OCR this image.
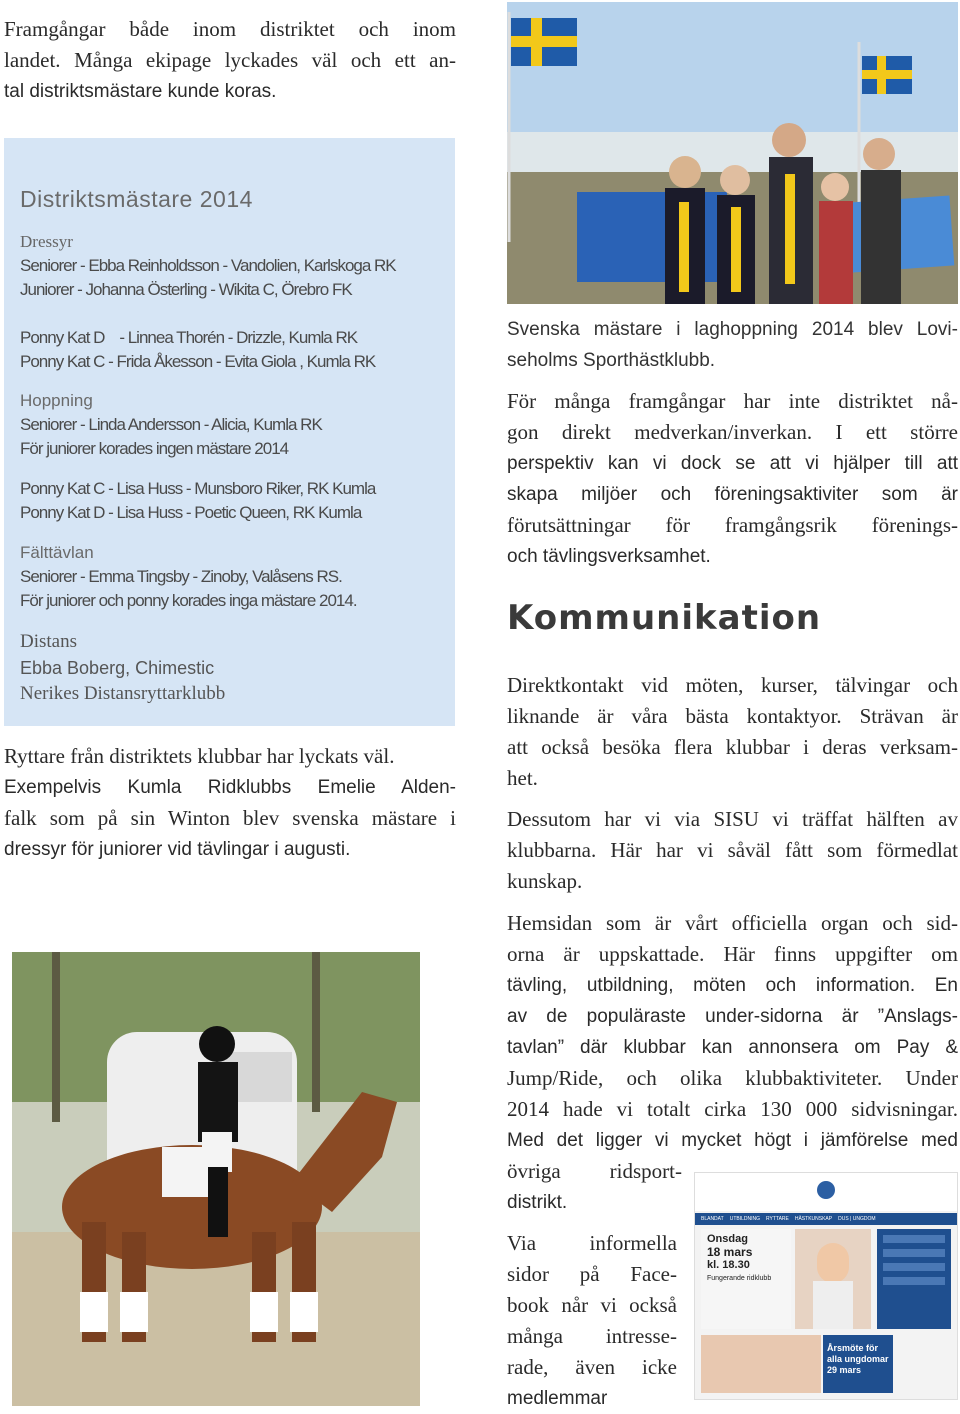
Framgångar både inom distriktet och inom
landet. Många ekipage lyckades väl och ett an-
tal distriktsmästare kunde koras.
Distriktsmästare 2014
Dressyr
Seniorer - Ebba Reinholdsson - Vandolien, Karlskoga RK
Juniorer - Johanna Österling - Wikita C, Örebro FK
Ponny Kat D    - Linnea Thorén - Drizzle, Kumla RK
Ponny Kat C - Frida Åkesson - Evita Giola , Kumla RK
Hoppning
Seniorer - Linda Andersson - Alicia, Kumla RK
För juniorer korades ingen mästare 2014
Ponny Kat C - Lisa Huss - Munsboro Riker, RK Kumla
Ponny Kat D - Lisa Huss - Poetic Queen, RK Kumla
Fälttävlan
Seniorer - Emma Tingsby - Zinoby, Valåsens RS.
För juniorer och ponny korades inga mästare 2014.
Distans
Ebba Boberg, Chimestic
Nerikes Distansryttarklubb
Ryttare från distriktets klubbar har lyckats väl.
Exempelvis Kumla Ridklubbs Emelie Alden-
falk som på sin Winton blev svenska mästare i
dressyr för juniorer vid tävlingar i augusti.
Svenska mästare i laghoppning 2014 blev Lovi-
seholms Sporthästklubb.
För många framgångar har inte distriktet nå-
gon direkt medverkan/inverkan. I ett större
perspektiv kan vi dock se att vi hjälper till att
skapa miljöer och föreningsaktiviter som är
förutsättningar för framgångsrik förenings-
och tävlingsverksamhet.
Kommunikation
Direktkontakt vid möten, kurser, tälvingar och
liknande är våra bästa kontaktyor. Strävan är
att också besöka flera klubbar i deras verksam-
het.
Dessutom har vi via SISU vi träffat hälften av
klubbarna. Här har vi såväl fått som förmedlat
kunskap.
Hemsidan som är vårt officiella organ och sid-
orna är uppskattade. Här finns uppgifter om
tävling, utbildning, möten och information. En
av de populäraste under-sidorna är ”Anslags-
tavlan” där klubbar kan annonsera om Pay &
Jump/Ride, och olika klubbaktiviteter. Under
2014 hade vi totalt cirka 130 000 sidvisningar.
Med det ligger vi mycket högt i jämförelse med
övriga ridsport-
distrikt.
Via informella
sidor på Face-
book når vi också
många intresse-
rade, även icke
medlemmar
BLANDAT UTBILDNING RYTTARE HÄSTKUNSKAP DUS | UNGDOM
Onsdag
18 mars
kl. 18.30
Fungerande ridklubb
Årsmöte för
alla ungdomar
29 mars
